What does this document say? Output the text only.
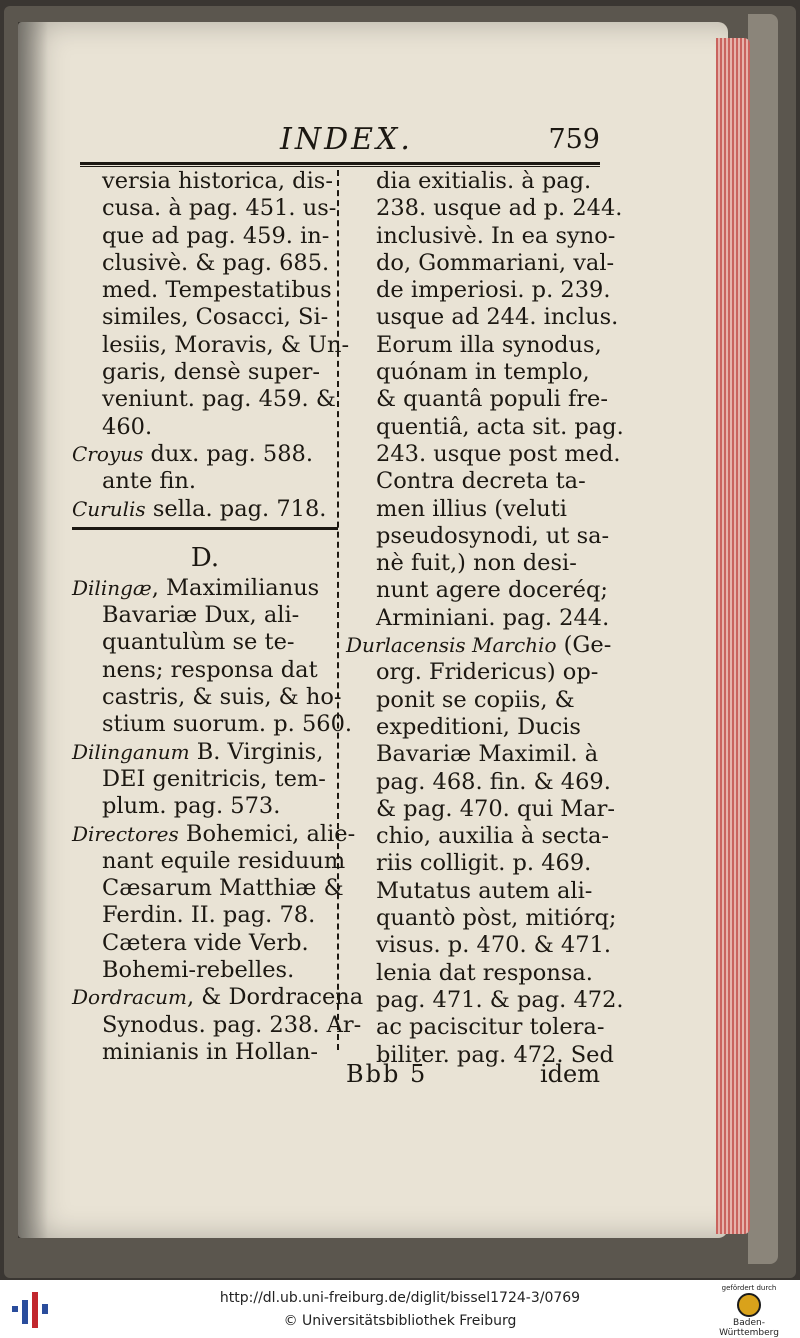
INDEX.	759
versia historica, dis-
cusa. à pag. 451. us-
que ad pag. 459. in-
clusivè. & pag. 685.
med. Tempestatibus
similes, Cosacci, Si-
lesiis, Moravis, & Un-
garis, densè super-
veniunt. pag. 459. &
460.
Croyus dux. pag. 588.
ante fin.
Curulis sella. pag. 718.
D.
Dilingæ, Maximilianus
Bavariæ Dux, ali-
quantulùm se te-
nens; responsa dat
castris, & suis, & ho-
stium suorum. p. 560.
Dilinganum B. Virginis,
DEI genitricis, tem-
plum. pag. 573.
Directores Bohemici, alie-
nant equile residuum
Cæsarum Matthiæ &
Ferdin. II. pag. 78.
Cætera vide Verb.
Bohemi-rebelles.
Dordracum, & Dordracena
Synodus. pag. 238. Ar-
minianis in Hollan-
dia exitialis. à pag.
238. usque ad p. 244.
inclusivè. In ea syno-
do, Gommariani, val-
de imperiosi. p. 239.
usque ad 244. inclus.
Eorum illa synodus,
quónam in templo,
& quantâ populi fre-
quentiâ, acta sit. pag.
243. usque post med.
Contra decreta ta-
men illius (veluti
pseudosynodi, ut sa-
nè fuit,) non desi-
nunt agere doceréq;
Arminiani. pag. 244.
Durlacensis Marchio (Ge-
org. Fridericus) op-
ponit se copiis, &
expeditioni, Ducis
Bavariæ Maximil. à
pag. 468. fin. & 469.
& pag. 470. qui Mar-
chio, auxilia à secta-
riis colligit. p. 469.
Mutatus autem ali-
quantò pòst, mitiórq;
visus. p. 470. & 471.
lenia dat responsa.
pag. 471. & pag. 472.
ac paciscitur tolera-
biliter. pag. 472. Sed
Bbb 5	idem
http://dl.ub.uni-freiburg.de/diglit/bissel1724-3/0769
© Universitätsbibliothek Freiburg
gefördert durch
Baden-Württemberg
